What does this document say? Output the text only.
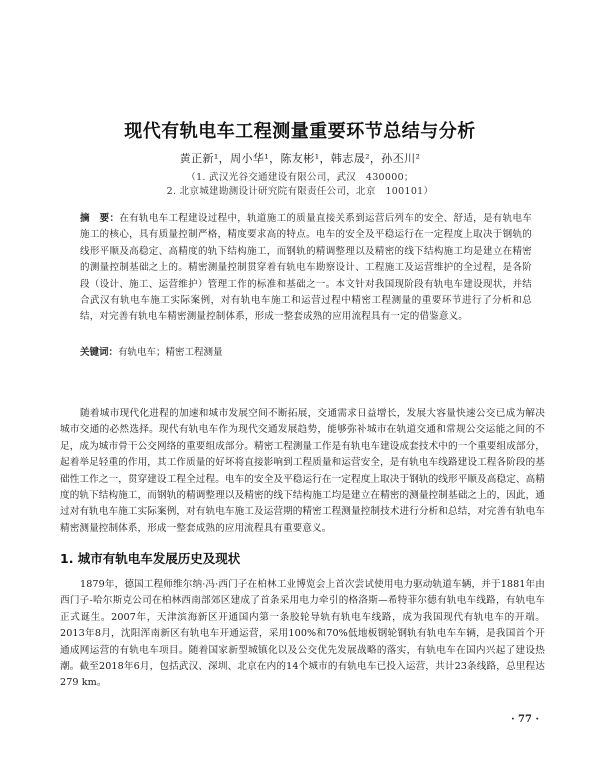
现代有轨电车工程测量重要环节总结与分析
黄正新¹，周小华¹，陈友彬¹，韩志晟²，孙丕川²
（1. 武汉光谷交通建设有限公司，武汉　430000；
2. 北京城建勘测设计研究院有限责任公司，北京　100101）
摘　要：在有轨电车工程建设过程中，轨道施工的质量直接关系到运营后列车的安全、舒适，是有轨电车施工的核心，具有质量控制严格，精度要求高的特点。电车的安全及平稳运行在一定程度上取决于钢轨的线形平顺及高稳定、高精度的轨下结构施工，而钢轨的精调整理以及精密的线下结构施工均是建立在精密的测量控制基础之上的。精密测量控制贯穿着有轨电车勘察设计、工程施工及运营维护的全过程，是各阶段（设计、施工、运营维护）管理工作的标准和基础之一。本文针对我国现阶段有轨电车建设现状，并结合武汉有轨电车施工实际案例，对有轨电车施工和运营过程中精密工程测量的重要环节进行了分析和总结，对完善有轨电车精密测量控制体系，形成一整套成熟的应用流程具有一定的借鉴意义。
关键词：有轨电车；精密工程测量
随着城市现代化进程的加速和城市发展空间不断拓展，交通需求日益增长，发展大容量快速公交已成为解决城市交通的必然选择。现代有轨电车作为现代交通发展趋势，能够弥补城市在轨道交通和常规公交运能之间的不足，成为城市骨干公交网络的重要组成部分。精密工程测量工作是有轨电车建设成套技术中的一个重要组成部分，起着举足轻重的作用，其工作质量的好坏将直接影响到工程质量和运营安全，是有轨电车线路建设工程各阶段的基础性工作之一，贯穿建设工程全过程。电车的安全及平稳运行在一定程度上取决于钢轨的线形平顺及高稳定、高精度的轨下结构施工，而钢轨的精调整理以及精密的线下结构施工均是建立在精密的测量控制基础之上的，因此，通过对有轨电车施工实际案例，对有轨电车施工及运营期的精密工程测量控制技术进行分析和总结，对完善有轨电车精密测量控制体系，形成一整套成熟的应用流程具有重要意义。
1. 城市有轨电车发展历史及现状
1879年，德国工程师维尔纳·冯·西门子在柏林工业博览会上首次尝试使用电力驱动轨道车辆，并于1881年由西门子-哈尔斯克公司在柏林西南部郊区建成了首条采用电力牵引的格洛斯—希特菲尔德有轨电车线路，有轨电车正式诞生。2007年，天津滨海新区开通国内第一条胶轮导轨有轨电车线路，成为我国现代有轨电车的开端。2013年8月，沈阳浑南新区有轨电车开通运营，采用100%和70%低地板钢轮钢轨有轨电车车辆，是我国首个开通成网运营的有轨电车项目。随着国家新型城镇化以及公交优先发展战略的落实，有轨电车在国内兴起了建设热潮。截至2018年6月，包括武汉、深圳、北京在内的14个城市的有轨电车已投入运营，共计23条线路，总里程达279 km。
· 77 ·
